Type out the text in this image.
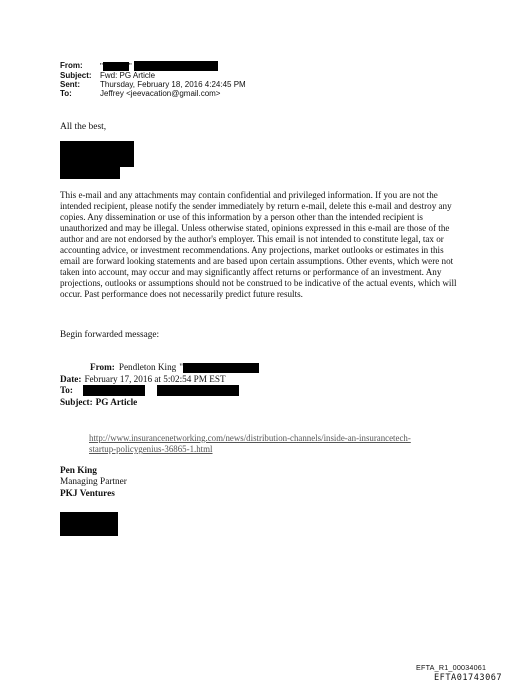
From:	"	"
Subject:	Fwd: PG Article
Sent:	Thursday, February 18, 2016 4:24:45 PM
To:	Jeffrey <jeevacation@gmail.com>
All the best,

This e-mail and any attachments may contain confidential and privileged information. If you are not the intended recipient, please notify the sender immediately by return e-mail, delete this e-mail and destroy any copies. Any dissemination or use of this information by a person other than the intended recipient is unauthorized and may be illegal. Unless otherwise stated, opinions expressed in this e-mail are those of the author and are not endorsed by the author's employer. This email is not intended to constitute legal, tax or accounting advice, or investment recommendations. Any projections, market outlooks or estimates in this email are forward looking statements and are based upon certain assumptions. Other events, which were not taken into account, may occur and may significantly affect returns or performance of an investment. Any projections, outlooks or assumptions should not be construed to be indicative of the actual events, which will occur. Past performance does not necessarily predict future results.

Begin forwarded message:
From: Pendleton King "
Date: February 17, 2016 at 5:02:54 PM EST
To:
Subject: PG Article
http://www.insurancenetworking.com/news/distribution-channels/inside-an-insurancetech-startup-policygenius-36865-1.html
Pen King
Managing Partner
PKJ Ventures
EFTA_R1_00034061
EFTA01743067
